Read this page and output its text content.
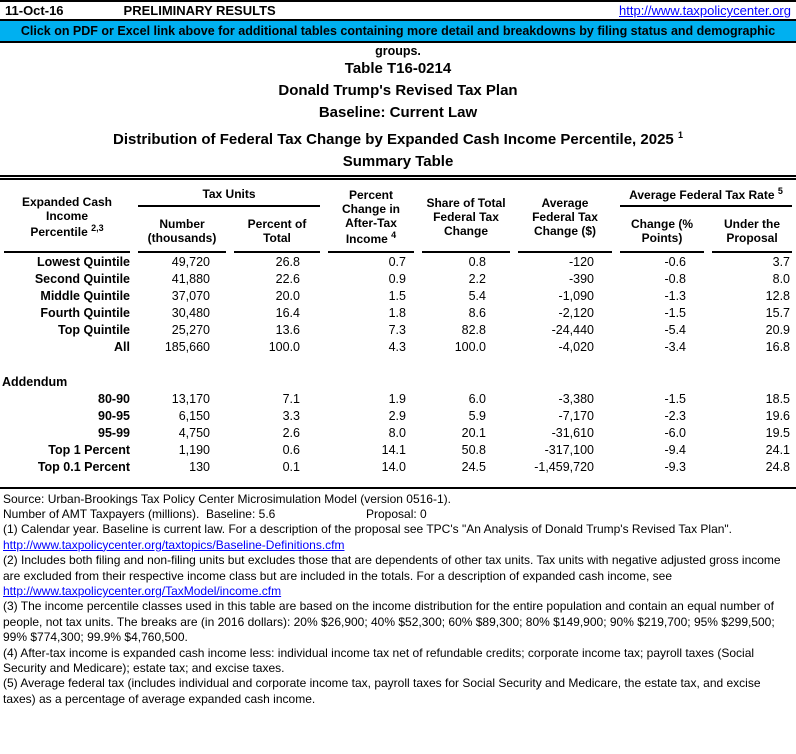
11-Oct-16	PRELIMINARY RESULTS	http://www.taxpolicycenter.org
Click on PDF or Excel link above for additional tables containing more detail and breakdowns by filing status and demographic groups.
Table T16-0214
Donald Trump's Revised Tax Plan
Baseline: Current Law
Distribution of Federal Tax Change by Expanded Cash Income Percentile, 2025 $^1$
Summary Table
Expanded Cash Income
Percentile $^{2,3}$	Tax Units		Percent Change in After-Tax Income $^4$	Share of Total Federal Tax Change	Average Federal Tax Change ($)	Average Federal Tax Rate $^5$
	Number (thousands)	Percent of Total				Change (% Points)	Under the Proposal
Lowest Quintile	49,720	26.8	0.7	0.8	-120	-0.6	3.7
Second Quintile	41,880	22.6	0.9	2.2	-390	-0.8	8.0
Middle Quintile	37,070	20.0	1.5	5.4	-1,090	-1.3	12.8
Fourth Quintile	30,480	16.4	1.8	8.6	-2,120	-1.5	15.7
Top Quintile	25,270	13.6	7.3	82.8	-24,440	-5.4	20.9
All	185,660	100.0	4.3	100.0	-4,020	-3.4	16.8

Addendum							
80-90	13,170	7.1	1.9	6.0	-3,380	-1.5	18.5
90-95	6,150	3.3	2.9	5.9	-7,170	-2.3	19.6
95-99	4,750	2.6	8.0	20.1	-31,610	-6.0	19.5
Top 1 Percent	1,190	0.6	14.1	50.8	-317,100	-9.4	24.1
Top 0.1 Percent	130	0.1	14.0	24.5	-1,459,720	-9.3	24.8

Source: Urban-Brookings Tax Policy Center Microsimulation Model (version 0516-1).
Number of AMT Taxpayers (millions).  Baseline: 5.6	Proposal: 0
(1) Calendar year. Baseline is current law. For a description of the proposal see TPC's "An Analysis of Donald Trump's Revised Tax Plan".
http://www.taxpolicycenter.org/taxtopics/Baseline-Definitions.cfm
(2) Includes both filing and non-filing units but excludes those that are dependents of other tax units. Tax units with negative adjusted gross income are excluded from their respective income class but are included in the totals. For a description of expanded cash income, see
http://www.taxpolicycenter.org/TaxModel/income.cfm
(3) The income percentile classes used in this table are based on the income distribution for the entire population and contain an equal number of people, not tax units. The breaks are (in 2016 dollars): 20% $26,900; 40% $52,300; 60% $89,300; 80% $149,900; 90% $219,700; 95% $299,500; 99% $774,300; 99.9% $4,760,500.
(4) After-tax income is expanded cash income less: individual income tax net of refundable credits; corporate income tax; payroll taxes (Social Security and Medicare); estate tax; and excise taxes.
(5) Average federal tax (includes individual and corporate income tax, payroll taxes for Social Security and Medicare, the estate tax, and excise taxes) as a percentage of average expanded cash income.
